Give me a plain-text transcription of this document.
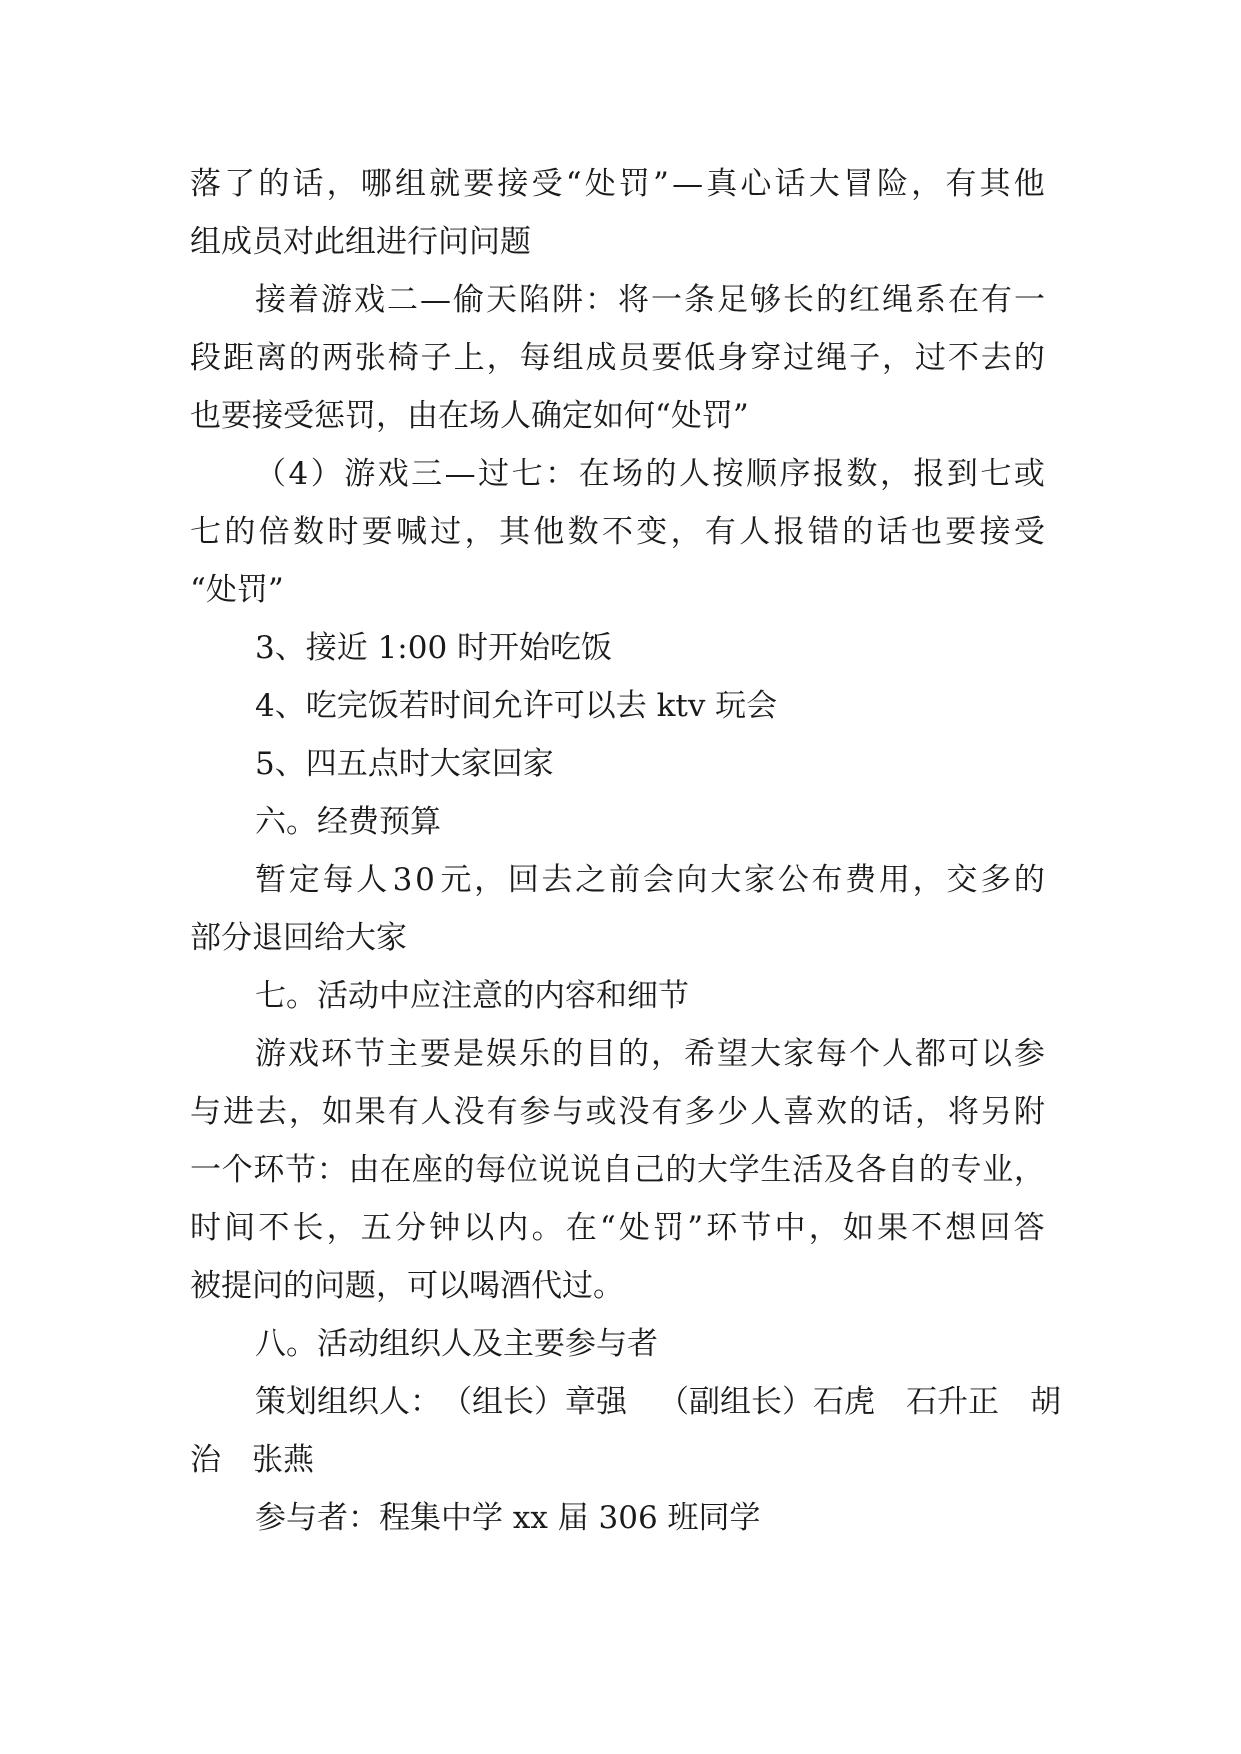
落 了 的 话 ， 哪 组 就 要 接 受 “ 处 罚 ” — 真 心 话 大 冒 险 ， 有 其 他
组成员对此组进行问问题
接 着 游 戏 二 — 偷 天 陷 阱 ： 将 一 条 足 够 长 的 红 绳 系 在 有 一
段 距 离 的 两 张 椅 子 上 ， 每 组 成 员 要 低 身 穿 过 绳 子 ， 过 不 去 的
也要接受惩罚，由在场人确定如何“处罚”
（ 4 ） 游 戏 三 — 过 七 ： 在 场 的 人 按 顺 序 报 数 ， 报 到 七 或
七 的 倍 数 时 要 喊 过 ， 其 他 数 不 变 ， 有 人 报 错 的 话 也 要 接 受
“处罚”
3、接近 1:00 时开始吃饭
4、吃完饭若时间允许可以去 ktv 玩会
5、四五点时大家回家
六。经费预算
暂 定 每 人 3 0 元 ， 回 去 之 前 会 向 大 家 公 布 费 用 ， 交 多 的
部分退回给大家
七。活动中应注意的内容和细节
游 戏 环 节 主 要 是 娱 乐 的 目 的 ， 希 望 大 家 每 个 人 都 可 以 参
与 进 去 ， 如 果 有 人 没 有 参 与 或 没 有 多 少 人 喜 欢 的 话 ， 将 另 附
一 个 环 节 ： 由 在 座 的 每 位 说 说 自 己 的 大 学 生 活 及 各 自 的 专 业 ，
时 间 不 长 ， 五 分 钟 以 内 。 在 “ 处 罚 ” 环 节 中 ， 如 果 不 想 回 答
被提问的问题，可以喝酒代过。
八。活动组织人及主要参与者
策 划 组 织 人 ： （ 组 长 ） 章 强
　 （ 副 组 长 ） 石 虎
　 石 升 正
　 胡
治　张燕
参与者：程集中学 xx 届 306 班同学
